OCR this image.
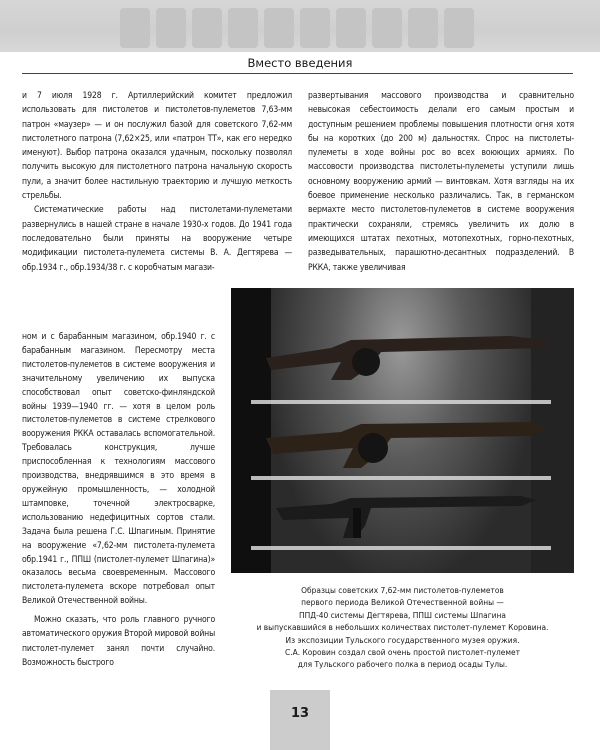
Вместо введения

и 7 июля 1928 г. Артиллерийский комитет предложил использовать для пистолетов и пистолетов-пулеметов 7,63-мм патрон «маузер» — и он послужил базой для советского 7,62-мм пистолетного патрона (7,62×25, или «патрон ТТ», как его нередко именуют). Выбор патрона оказался удачным, поскольку позволял получить высокую для пистолетного патрона начальную скорость пули, а значит более настильную траекторию и лучшую меткость стрельбы.

Систематические работы над пистолетами-пулеметами развернулись в нашей стране в начале 1930-х годов. До 1941 года последовательно были приняты на вооружение четыре модификации пистолета-пулемета системы В. А. Дегтярева — обр.1934 г., обр.1934/38 г. с коробчатым магази-

ном и с барабанным магазином, обр.1940 г. с барабанным магазином. Пересмотру места пистолетов-пулеметов в системе вооружения и значительному увеличению их выпуска способствовал опыт советско-финляндской войны 1939—1940 гг. — хотя в целом роль пистолетов-пулеметов в системе стрелкового вооружения РККА оставалась вспомогательной. Требовалась конструкция, лучше приспособленная к технологиям массового производства, внедрявшимся в это время в оружейную промышленность, — холодной штамповке, точечной электросварке, использованию недефицитных сортов стали. Задача была решена Г.С. Шпагиным. Принятие на вооружение «7,62-мм пистолета-пулемета обр.1941 г., ППШ (пистолет-пулемет Шпагина)» оказалось весьма своевременным. Массового пистолета-пулемета вскоре потребовал опыт Великой Отечественной войны.

Можно сказать, что роль главного ручного автоматического оружия Второй мировой войны пистолет-пулемет занял почти случайно. Возможность быстрого

развертывания массового производства и сравнительно невысокая себестоимость делали его самым простым и доступным решением проблемы повышения плотности огня хотя бы на коротких (до 200 м) дальностях. Спрос на пистолеты-пулеметы в ходе войны рос во всех воюющих армиях. По массовости производства пистолеты-пулеметы уступили лишь основному вооружению армий — винтовкам. Хотя взгляды на их боевое применение несколько различались. Так, в германском вермахте место пистолетов-пулеметов в системе вооружения практически сохраняли, стремясь увеличить их долю в имеющихся штатах пехотных, мотопехотных, горно-пехотных, разведывательных, парашютно-десантных подразделений. В РККА, также увеличивая

Образцы советских 7,62-мм пистолетов-пулеметов
первого периода Великой Отечественной войны —
ППД-40 системы Дегтярева, ППШ системы Шпагина
и выпускавшийся в небольших количествах пистолет-пулемет Коровина.
Из экспозиции Тульского государственного музея оружия.
С.А. Коровин создал свой очень простой пистолет-пулемет
для Тульского рабочего полка в период осады Тулы.
13
